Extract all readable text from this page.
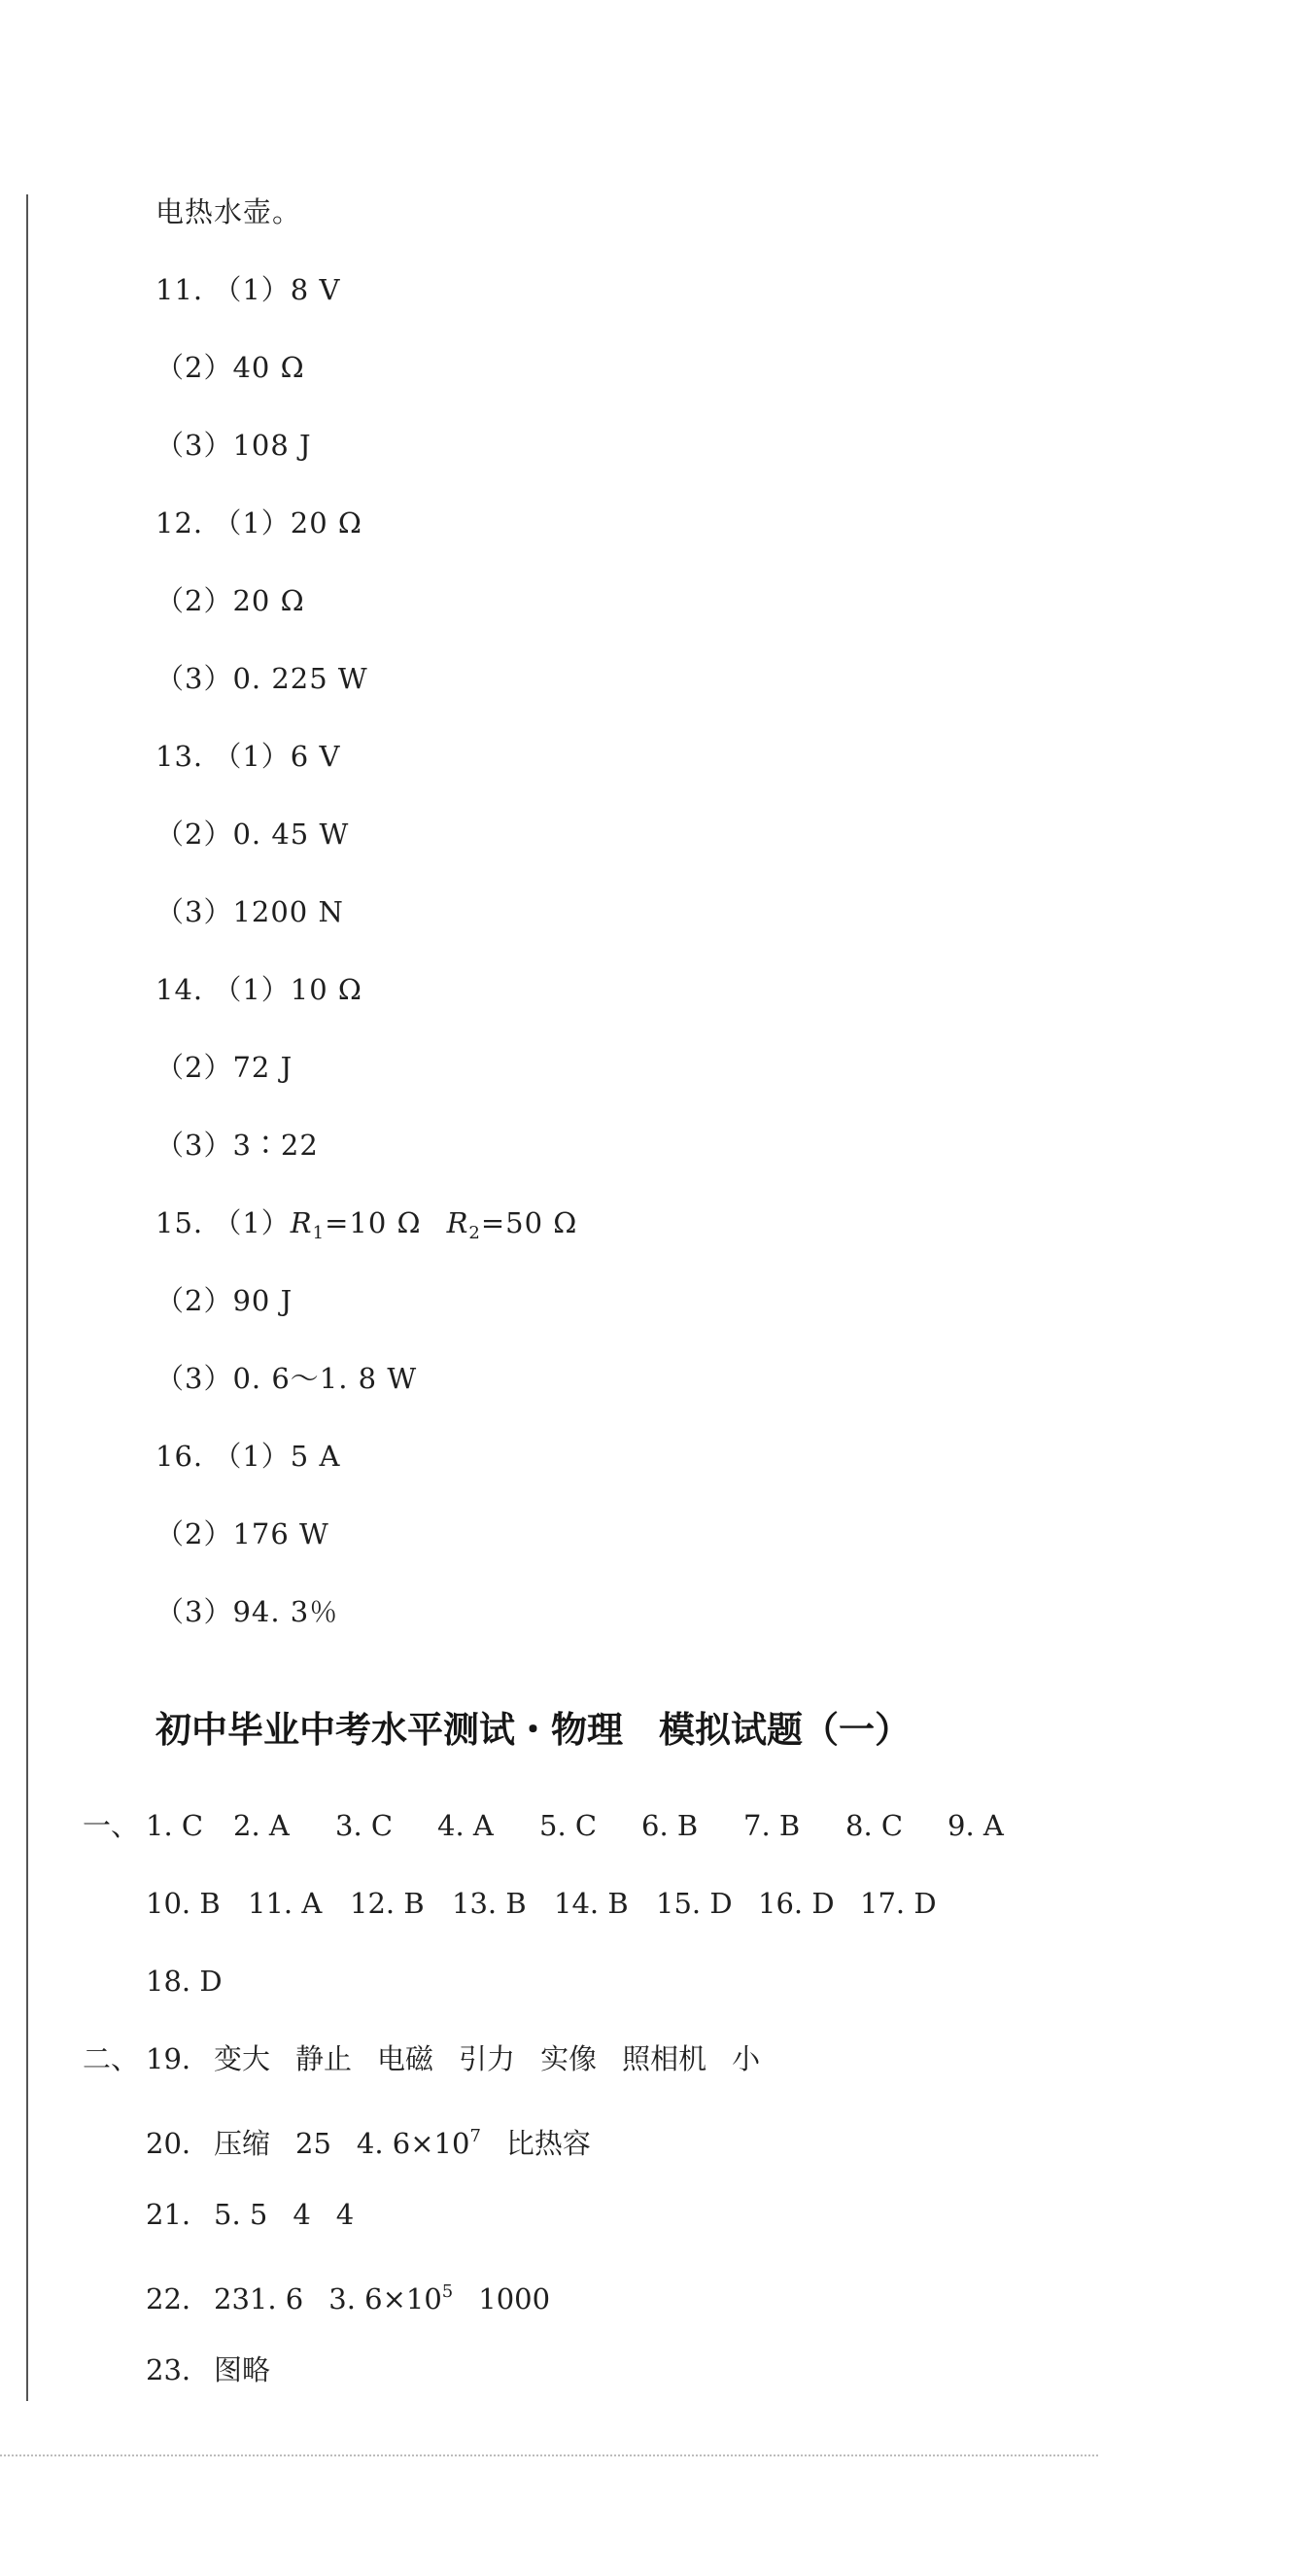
电热水壶。
11. （1）8 V
（2）40 Ω
（3）108 J
12. （1）20 Ω
（2）20 Ω
（3）0. 225 W
13. （1）6 V
（2）0. 45 W
（3）1200 N
14. （1）10 Ω
（2）72 J
（3）3∶22
15. $(1)R_1=10$ Ω $R_2=50$ Ω
（2）90 J
（3）0. 6～1. 8 W
16. （1）5 A
（2）176 W
（3）94. 3％
初中毕业中考水平测试・物理　模拟试题（一）
一、 1. C 2. A 3. C 4. A 5. C 6. B 7. B 8. C 9. A
10. B 11. A 12. B 13. B 14. B 15. D 16. D 17. D
18. D
二、 19. 变大 静止 电磁 引力 实像 照相机 小
20. 压缩 25 4. $6\times 10^7$ 比热容
21. 5. 5 4 4
22. 231. 6 3. $6\times 10^5$ 1000
23. 图略
